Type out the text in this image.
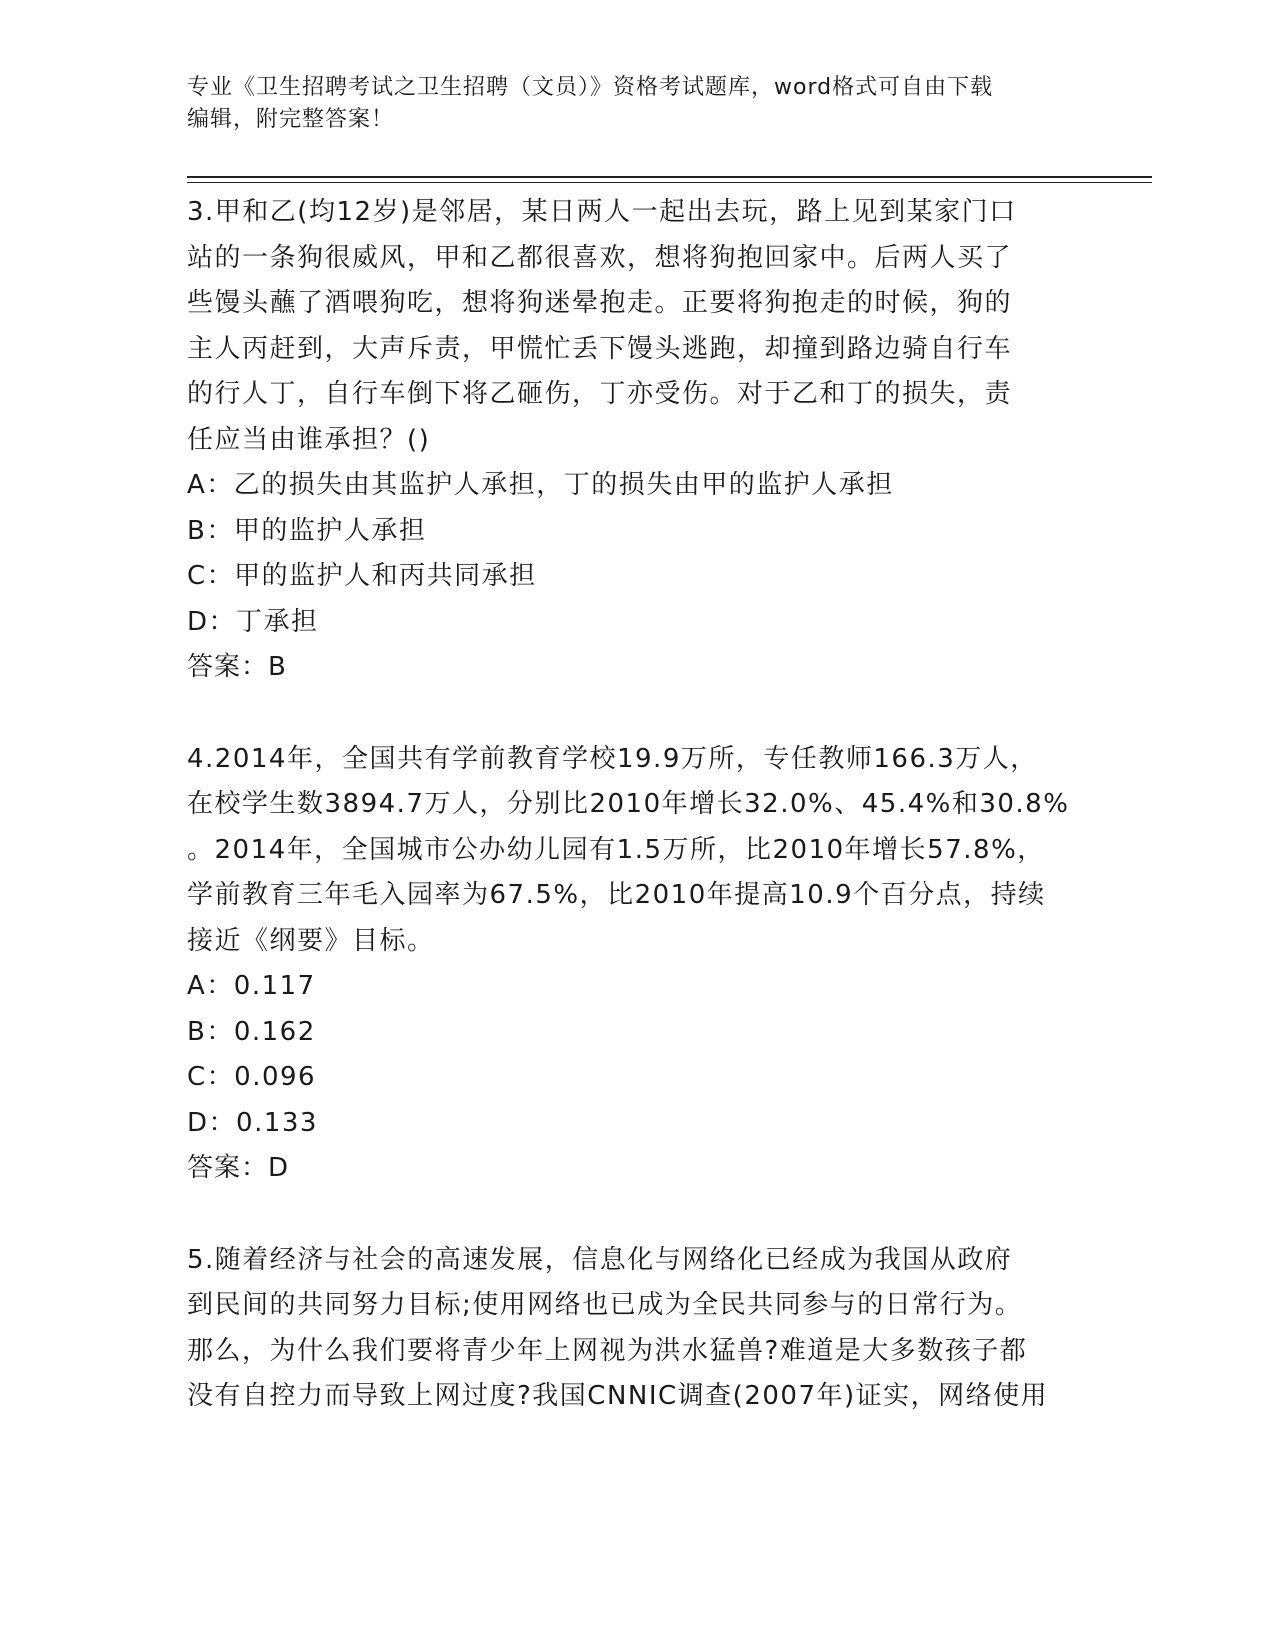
专业《卫生招聘考试之卫生招聘（文员）》资格考试题库，word格式可自由下载
编辑，附完整答案！

3.甲和乙(均12岁)是邻居，某日两人一起出去玩，路上见到某家门口
站的一条狗很威风，甲和乙都很喜欢，想将狗抱回家中。后两人买了
些馒头蘸了酒喂狗吃，想将狗迷晕抱走。正要将狗抱走的时候，狗的
主人丙赶到，大声斥责，甲慌忙丢下馒头逃跑，却撞到路边骑自行车
的行人丁，自行车倒下将乙砸伤，丁亦受伤。对于乙和丁的损失，责
任应当由谁承担？()

A：乙的损失由其监护人承担，丁的损失由甲的监护人承担

B：甲的监护人承担

C：甲的监护人和丙共同承担

D：丁承担

答案：B

4.2014年，全国共有学前教育学校19.9万所，专任教师166.3万人，
在校学生数3894.7万人，分别比2010年增长32.0%、45.4%和30.8%
。2014年，全国城市公办幼儿园有1.5万所，比2010年增长57.8%，
学前教育三年毛入园率为67.5%，比2010年提高10.9个百分点，持续
接近《纲要》目标。

A：0.117

B：0.162

C：0.096

D：0.133

答案：D

5.随着经济与社会的高速发展，信息化与网络化已经成为我国从政府
到民间的共同努力目标;使用网络也已成为全民共同参与的日常行为。
那么，为什么我们要将青少年上网视为洪水猛兽?难道是大多数孩子都
没有自控力而导致上网过度?我国CNNIC调查(2007年)证实，网络使用
